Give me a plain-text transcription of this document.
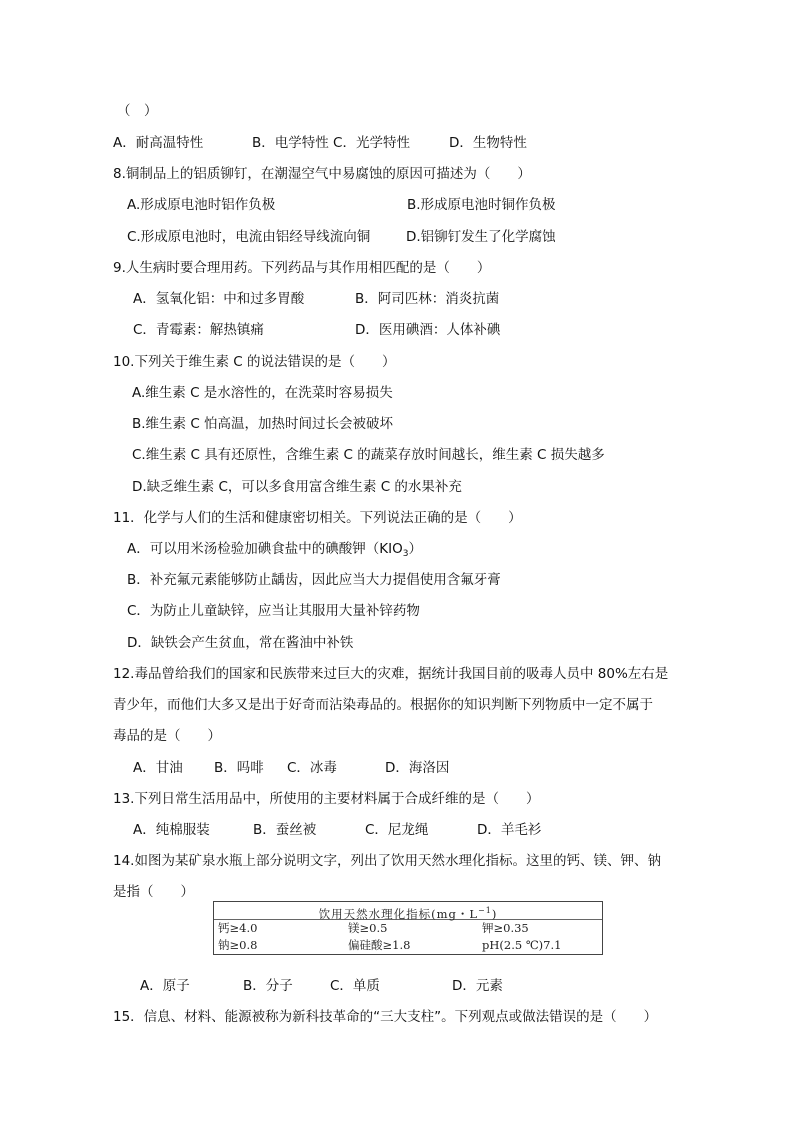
（　）
A．耐高温特性	B．电学特性 C．光学特性	D．生物特性
8.铜制品上的铝质铆钉，在潮湿空气中易腐蚀的原因可描述为（　　）
A.形成原电池时铝作负极	B.形成原电池时铜作负极
C.形成原电池时，电流由铝经导线流向铜	D.铝铆钉发生了化学腐蚀
9.人生病时要合理用药。下列药品与其作用相匹配的是（　　）
A．氢氧化铝：中和过多胃酸	B．阿司匹林：消炎抗菌
C．青霉素：解热镇痛	D．医用碘酒：人体补碘
10.下列关于维生素 C 的说法错误的是（　　）
A.维生素 C 是水溶性的，在洗菜时容易损失
B.维生素 C 怕高温，加热时间过长会被破坏
C.维生素 C 具有还原性，含维生素 C 的蔬菜存放时间越长，维生素 C 损失越多
D.缺乏维生素 C，可以多食用富含维生素 C 的水果补充
11．化学与人们的生活和健康密切相关。下列说法正确的是（　　）
A．可以用米汤检验加碘食盐中的碘酸钾$(KIO_3)$
B．补充氟元素能够防止龋齿，因此应当大力提倡使用含氟牙膏
C．为防止儿童缺锌，应当让其服用大量补锌药物
D．缺铁会产生贫血，常在酱油中补铁
12.毒品曾给我们的国家和民族带来过巨大的灾难，据统计我国目前的吸毒人员中 80%左右是
青少年，而他们大多又是出于好奇而沾染毒品的。根据你的知识判断下列物质中一定不属于
毒品的是（　　）
A．甘油 B．吗啡 C．冰毒	D．海洛因
13.下列日常生活用品中，所使用的主要材料属于合成纤维的是（　　）
A．纯棉服装	B．蚕丝被	C．尼龙绳	D．羊毛衫
14.如图为某矿泉水瓶上部分说明文字，列出了饮用天然水理化指标。这里的钙、镁、钾、钠
是指（　　）
饮用天然水理化指标(mg・$L^{-1}$)
钙≥4.0	镁≥0.5	钾≥0.35
钠≥0.8	偏硅酸≥1.8	pH(2.5 ℃)7.1
A．原子	B．分子	C．单质	D．元素
15．信息、材料、能源被称为新科技革命的“三大支柱”。下列观点或做法错误的是（　　）
